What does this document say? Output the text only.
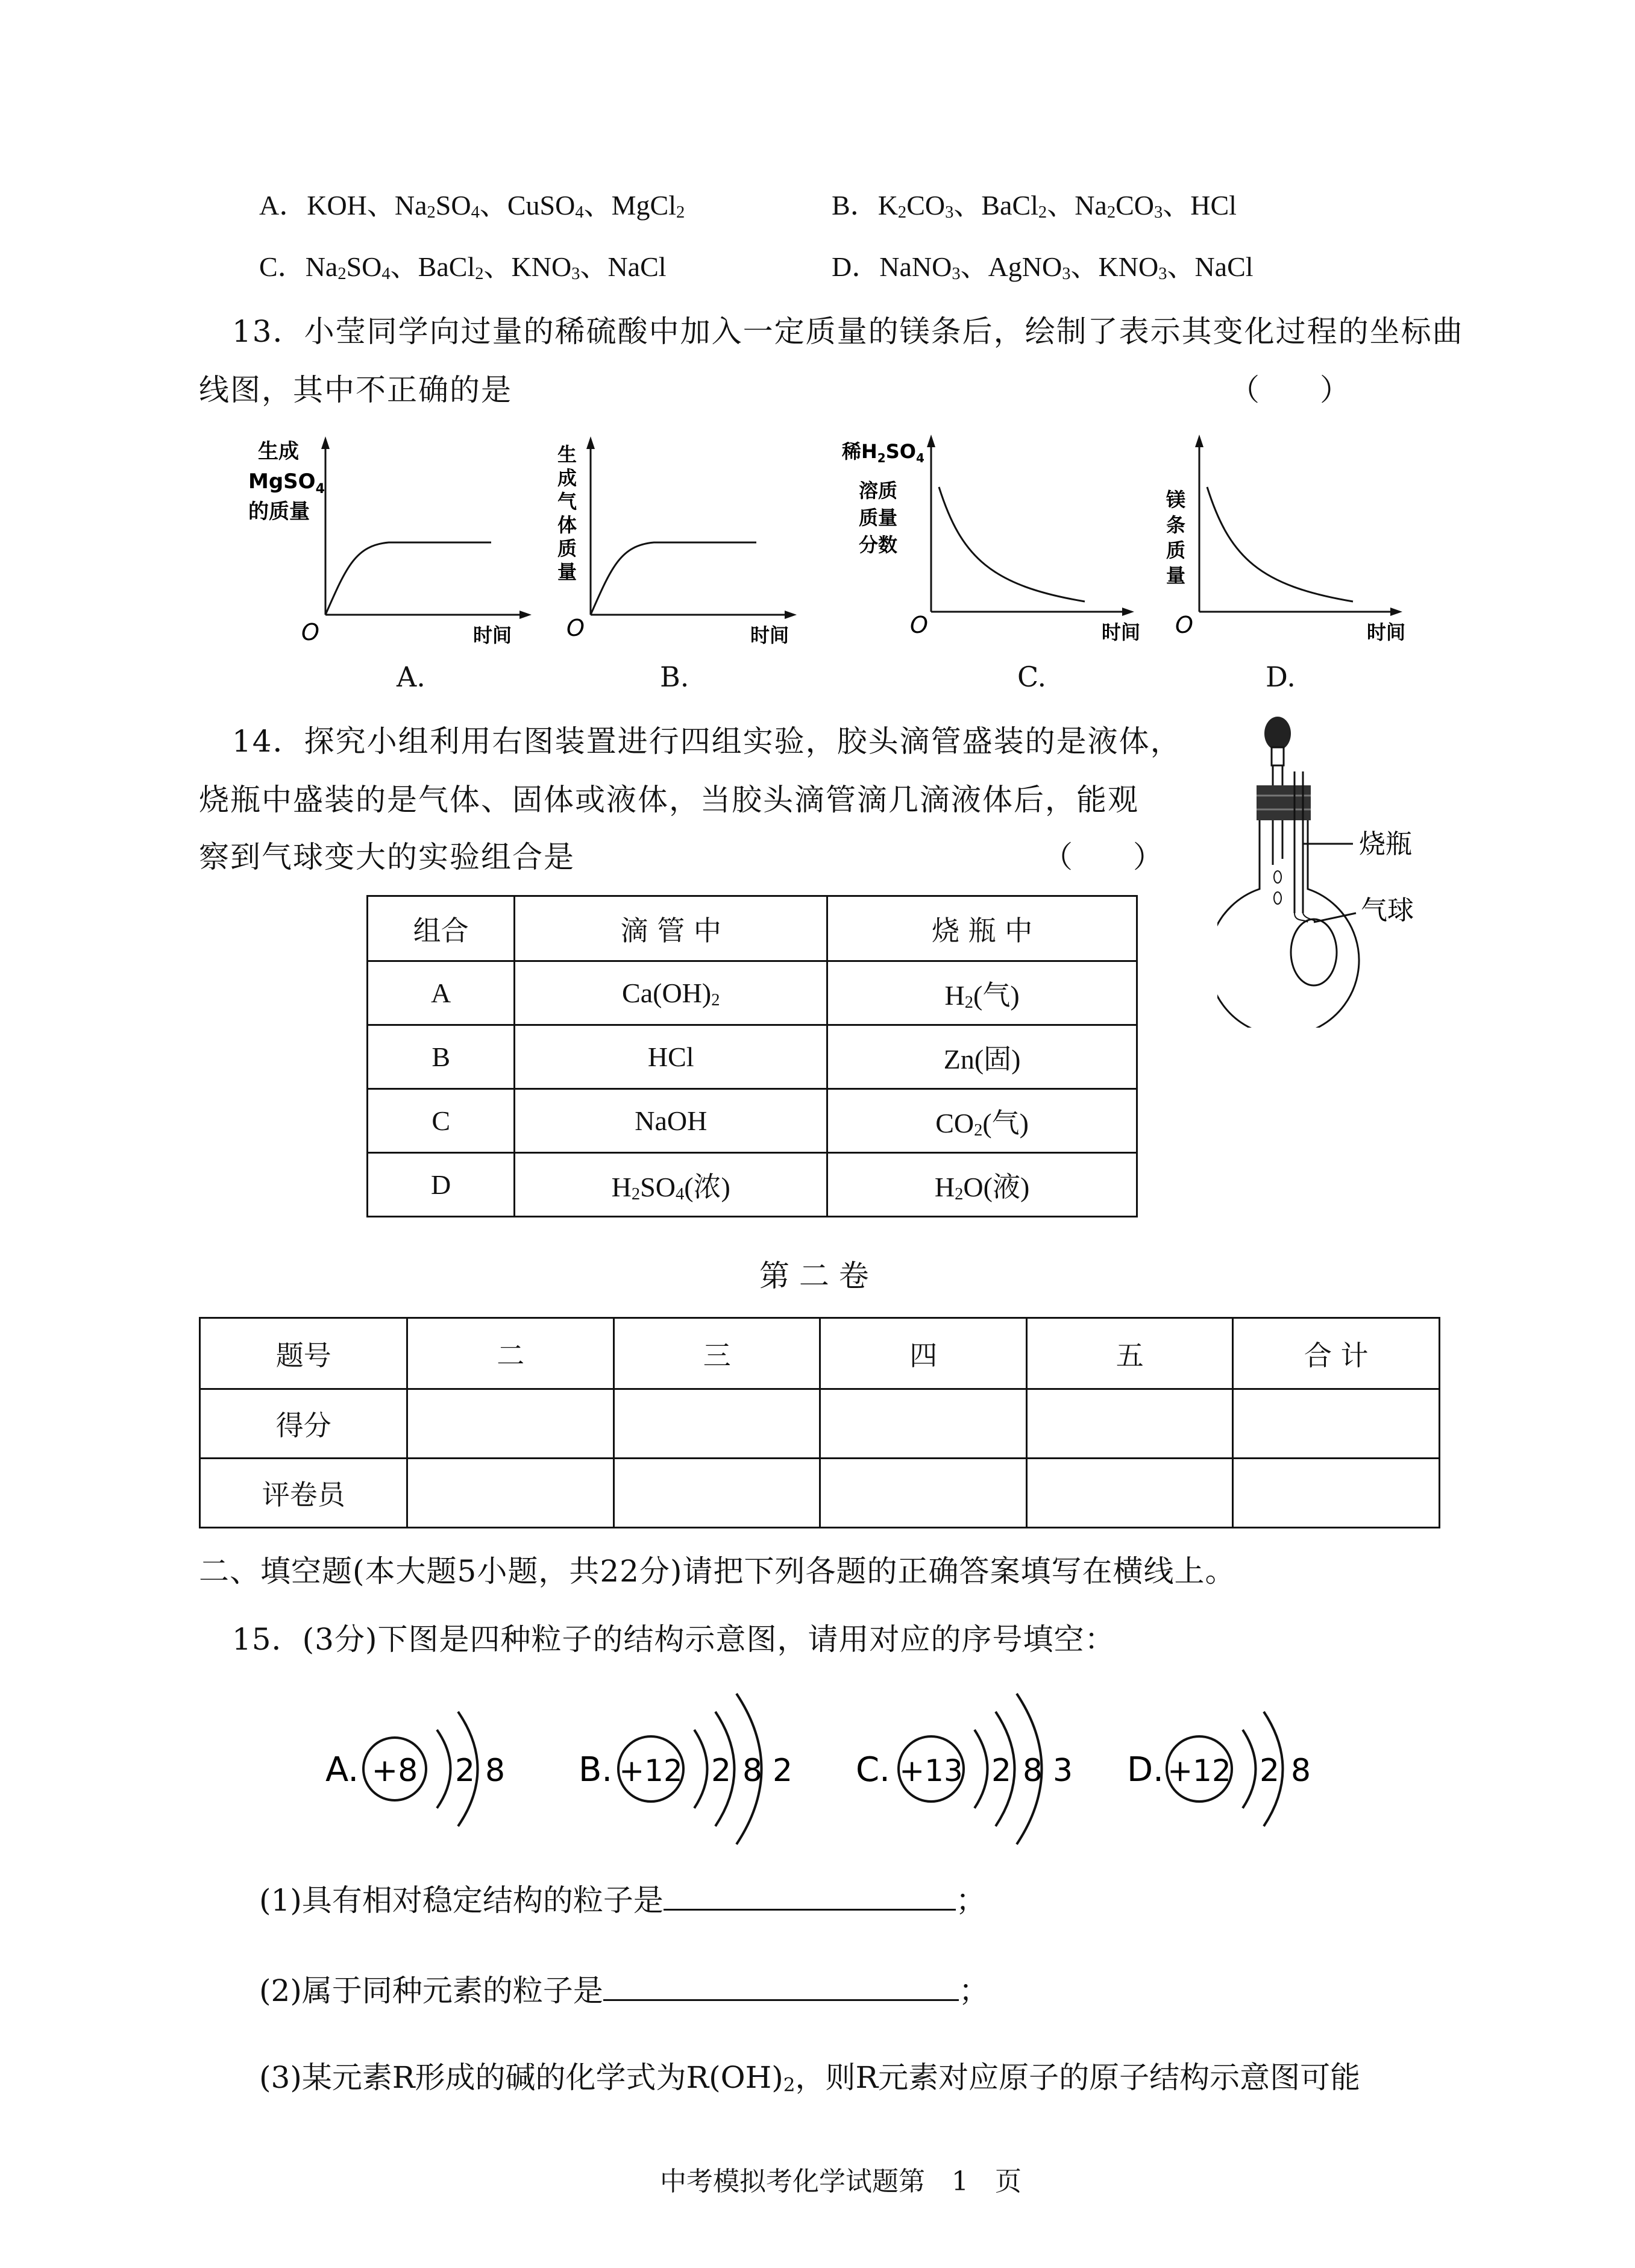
A．KOH、$Na_2SO_4$、CuSO$_4$、MgCl$_2$	B．$K_2CO_3$、BaCl$_2$、$Na_2CO_3$、HCl
C．$Na_2SO_4$、BaCl$_2$、$KNO_3$、NaCl	D．NaNO$_3$、AgNO$_3$、$KNO_3$、NaCl
13．小莹同学向过量的稀硫酸中加入一定质量的镁条后，绘制了表示其变化过程的坐标曲
线图，其中不正确的是	（　　）
生成
MgSO$_4$
的质量
O	时间
生
成
气
体
质
量
O	时间
稀$H_2SO_4$
溶质
质量
分数
O	时间
镁
条
质
量
O	时间
A.	B.	C.	D.
14．探究小组利用右图装置进行四组实验，胶头滴管盛装的是液体，
烧瓶中盛装的是气体、固体或液体，当胶头滴管滴几滴液体后，能观
察到气球变大的实验组合是	（　　）	烧瓶
气球
组合	滴 管 中	烧 瓶 中
A	$Ca(OH)_2$	$H_2$(气)
B	HCl	Zn(固)
C	NaOH	$CO_2$(气)
D	$H_2SO_4$(浓)	$H_2O$(液)
第 二 卷
题号	二	三	四	五	合 计
得分					
评卷员					
二、填空题(本大题5小题，共22分)请把下列各题的正确答案填写在横线上。
15．(3分)下图是四种粒子的结构示意图，请用对应的序号填空：
A. +8 2 8 B. +12 2 8 2 C. +13 2 8 3 D. +12 2 8
(1)具有相对稳定结构的粒子是	；
(2)属于同种元素的粒子是	；
(3)某元素R形成的碱的化学式为$R(OH)_2$，则R元素对应原子的原子结构示意图可能
中考模拟考化学试题第　1　页
